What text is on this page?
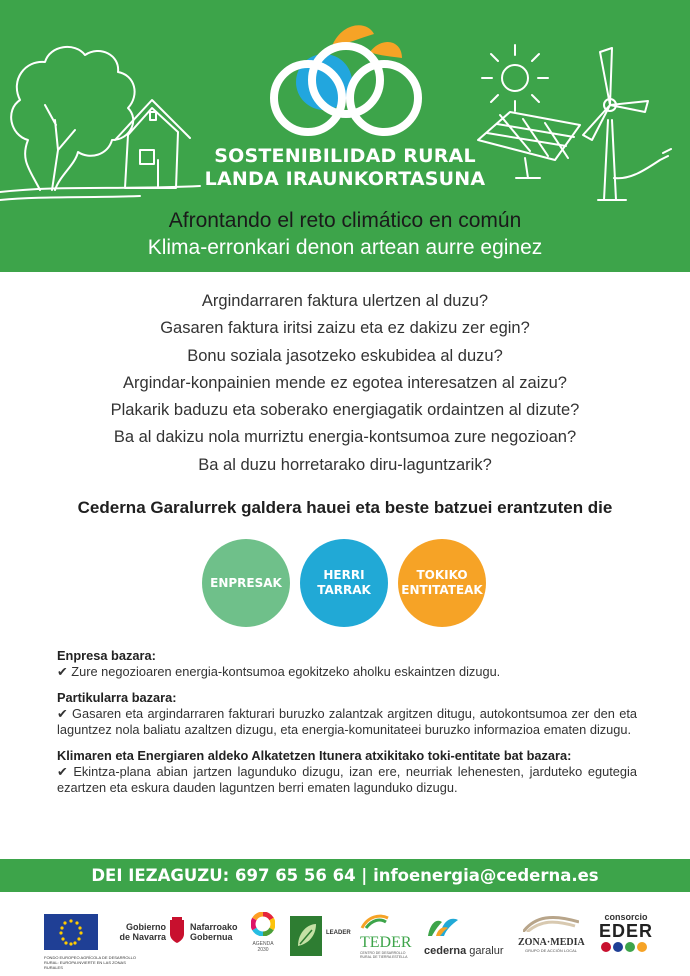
SOSTENIBILIDAD RURAL
LANDA IRAUNKORTASUNA
Afrontando el reto climático en común
Klima-erronkari denon artean aurre eginez
Argindarraren faktura ulertzen al duzu?
Gasaren faktura iritsi zaizu eta ez dakizu zer egin?
Bonu soziala jasotzeko eskubidea al duzu?
Argindar-konpainien mende ez egotea interesatzen al zaizu?
Plakarik baduzu eta soberako energiagatik ordaintzen al dizute?
Ba al dakizu nola murriztu energia-kontsumoa zure negozioan?
Ba al duzu horretarako diru-laguntzarik?
Cederna Garalurrek galdera hauei eta beste batzuei erantzuten die
ENPRESAK
HERRI
TARRAK
TOKIKO
ENTITATEAK
Enpresa bazara:
✔ Zure negozioaren energia-kontsumoa egokitzeko aholku eskaintzen dizugu.
Partikularra bazara:
✔ Gasaren eta argindarraren fakturari buruzko zalantzak argitzen ditugu, autokontsumoa zer den eta laguntzez nola baliatu azaltzen dizugu, eta energia-komunitateei buruzko informazioa ematen dizugu.
Klimaren eta Energiaren aldeko Alkatetzen Itunera atxikitako toki-entitate bat bazara:
✔ Ekintza-plana abian jartzen lagunduko dizugu, izan ere, neurriak lehenesten, jarduteko egutegia ezartzen eta eskura dauden laguntzen berri ematen lagunduko dizugu.
DEI IEZAGUZU: 697 65 56 64 | infoenergia@cederna.es
FONDO EUROPEO AGRÍCOLA DE DESARROLLO RURAL: EUROPA INVIERTE EN LAS ZONAS RURALES
Gobierno
de Navarra
Nafarroako
Gobernua
AGENDA 2030
LEADER
TEDER
CENTRO DE DESARROLLO RURAL DE TIERRA ESTELLA	cederna garalur
ZONA·MEDIA
GRUPO DE ACCIÓN LOCAL
consorcio
EDER
